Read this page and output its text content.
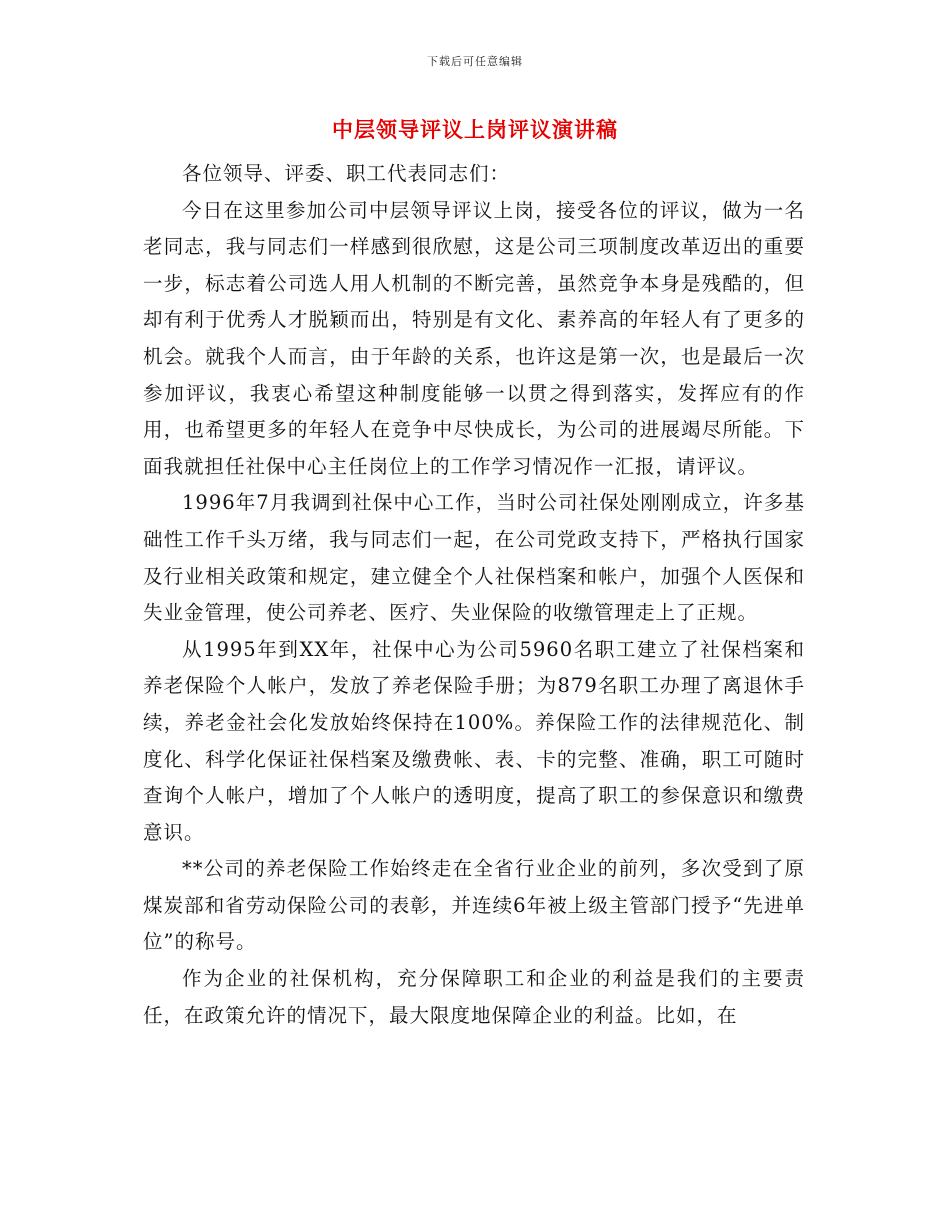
下载后可任意编辑
中层领导评议上岗评议演讲稿

各位领导、评委、职工代表同志们：

今日在这里参加公司中层领导评议上岗，接受各位的评议，做为一名老同志，我与同志们一样感到很欣慰，这是公司三项制度改革迈出的重要一步，标志着公司选人用人机制的不断完善，虽然竞争本身是残酷的，但却有利于优秀人才脱颖而出，特别是有文化、素养高的年轻人有了更多的机会。就我个人而言，由于年龄的关系，也许这是第一次，也是最后一次参加评议，我衷心希望这种制度能够一以贯之得到落实，发挥应有的作用，也希望更多的年轻人在竞争中尽快成长，为公司的进展竭尽所能。下面我就担任社保中心主任岗位上的工作学习情况作一汇报，请评议。

1996年7月我调到社保中心工作，当时公司社保处刚刚成立，许多基础性工作千头万绪，我与同志们一起，在公司党政支持下，严格执行国家及行业相关政策和规定，建立健全个人社保档案和帐户，加强个人医保和失业金管理，使公司养老、医疗、失业保险的收缴管理走上了正规。

从1995年到XX年，社保中心为公司5960名职工建立了社保档案和养老保险个人帐户，发放了养老保险手册；为879名职工办理了离退休手续，养老金社会化发放始终保持在100%。养保险工作的法律规范化、制度化、科学化保证社保档案及缴费帐、表、卡的完整、准确，职工可随时查询个人帐户，增加了个人帐户的透明度，提高了职工的参保意识和缴费意识。

**公司的养老保险工作始终走在全省行业企业的前列，多次受到了原煤炭部和省劳动保险公司的表彰，并连续6年被上级主管部门授予“先进单位”的称号。

作为企业的社保机构，充分保障职工和企业的利益是我们的主要责任，在政策允许的情况下，最大限度地保障企业的利益。比如，在
